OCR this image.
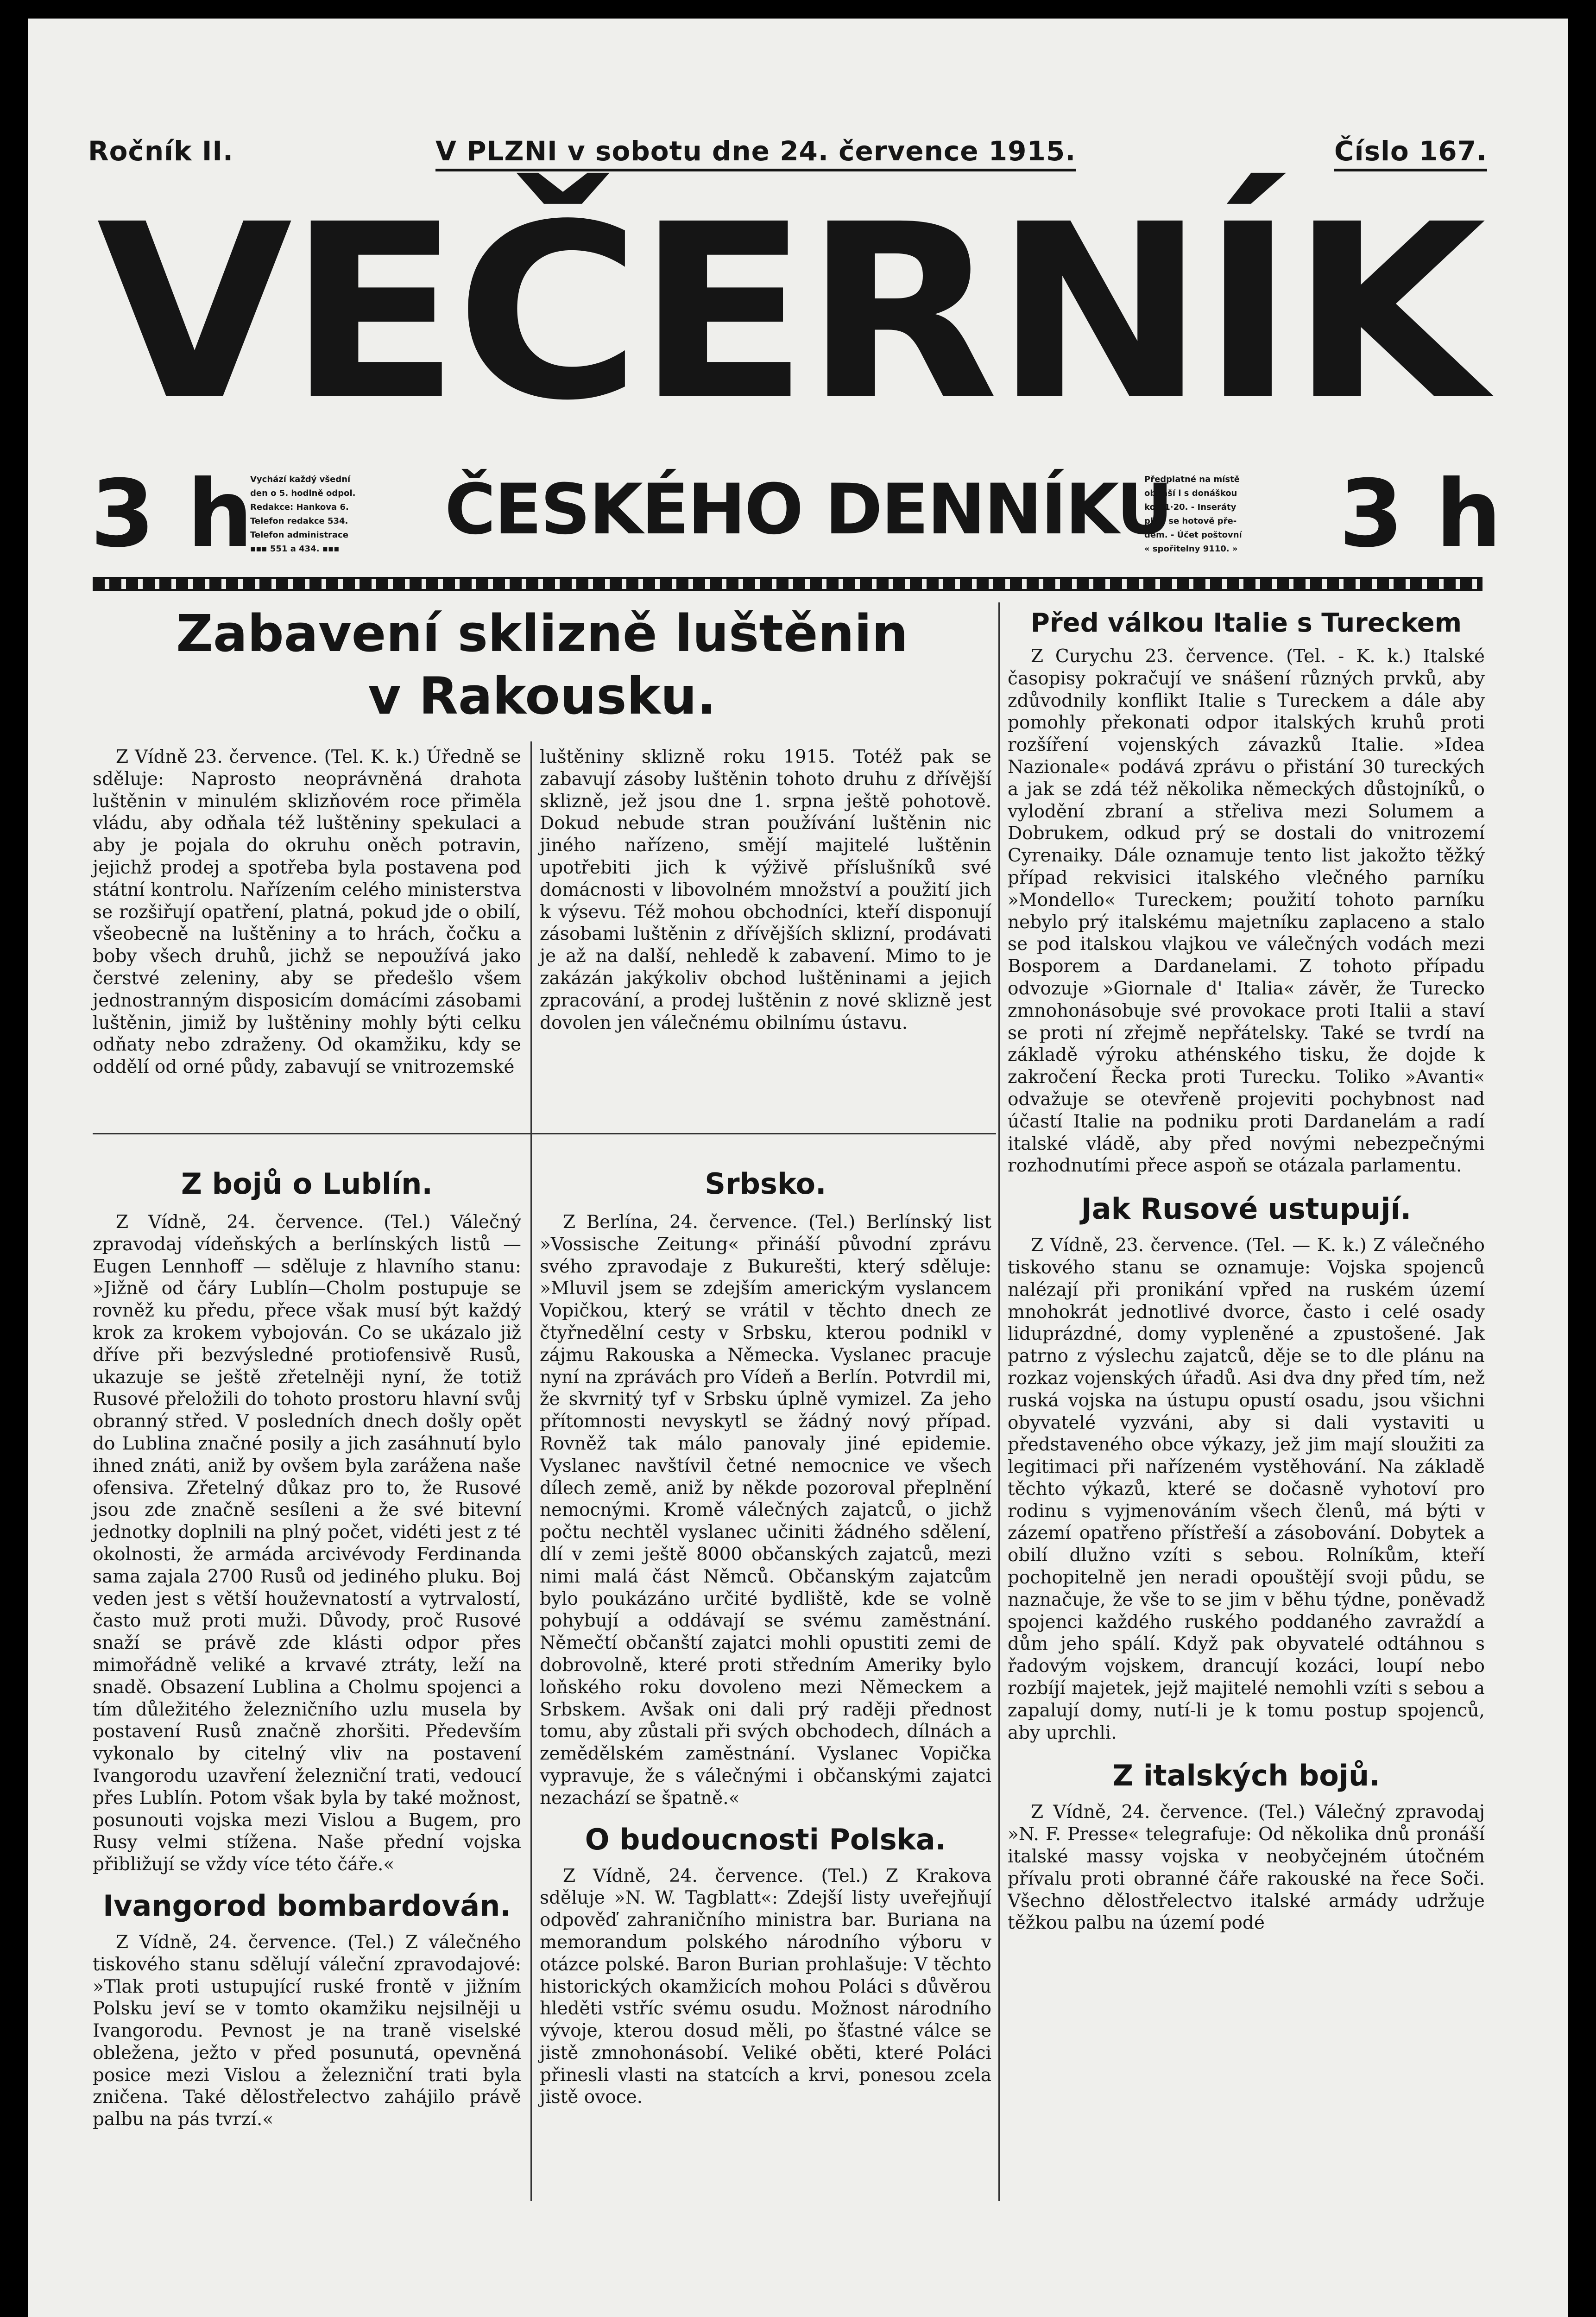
Ročník II.	V PLZNI v sobotu dne 24. července 1915.	Číslo 167.
VEČERNÍK
3 h
Vychází každý všední
den o 5. hodině odpol.
Redakce: Hankova 6.
Telefon redakce 534.
Telefon administrace
▪▪▪ 551 a 434. ▪▪▪	ČESKÉHO DENNÍKU
Předplatné na místě
obnáší i s donáškou
kor. 1·20. - Inseráty
platí se hotově pře-
dem. - Účet poštovní
« spořitelny 9110. »	3 h
Zabavení sklizně luštěnin
v Rakousku.

Z Vídně 23. července. (Tel. K. k.) Úředně se sděluje: Naprosto neoprávněná drahota luštěnin v minulém sklizňovém roce přiměla vládu, aby odňala též luštěniny spekulaci a aby je pojala do okruhu oněch potravin, jejichž prodej a spotřeba byla postavena pod státní kontrolu. Nařízením celého ministerstva se rozšiřují opatření, platná, pokud jde o obilí, všeobecně na luštěniny a to hrách, čočku a boby všech druhů, jichž se nepoužívá jako čerstvé zeleniny, aby se předešlo všem jednostranným disposicím domácími zásobami luštěnin, jimiž by luštěniny mohly býti celku odňaty nebo zdraženy. Od okamžiku, kdy se oddělí od orné půdy, zabavují se vnitrozemské

luštěniny sklizně roku 1915. Totéž pak se zabavují zásoby luštěnin tohoto druhu z dřívější sklizně, jež jsou dne 1. srpna ještě pohotově. Dokud nebude stran používání luštěnin nic jiného nařízeno, smějí majitelé luštěnin upotřebiti jich k výživě příslušníků své domácnosti v libovolném množství a použití jich k výsevu. Též mohou obchodníci, kteří disponují zásobami luštěnin z dřívějších sklizní, prodávati je až na další, nehledě k zabavení. Mimo to je zakázán jakýkoliv obchod luštěninami a jejich zpracování, a prodej luštěnin z nové sklizně jest dovolen jen válečnému obilnímu ústavu.

Z bojů o Lublín.

Z Vídně, 24. července. (Tel.) Válečný zpravodaj vídeňských a berlínských listů — Eugen Lennhoff — sděluje z hlavního stanu: »Jižně od čáry Lublín—Cholm postupuje se rovněž ku předu, přece však musí být každý krok za krokem vybojován. Co se ukázalo již dříve při bezvýsledné protiofensivě Rusů, ukazuje se ještě zřetelněji nyní, že totiž Rusové přeložili do tohoto prostoru hlavní svůj obranný střed. V posledních dnech došly opět do Lublina značné posily a jich zasáhnutí bylo ihned znáti, aniž by ovšem byla zarážena naše ofensiva. Zřetelný důkaz pro to, že Rusové jsou zde značně sesíleni a že své bitevní jednotky doplnili na plný počet, vidéti jest z té okolnosti, že armáda arcivévody Ferdinanda sama zajala 2700 Rusů od jediného pluku. Boj veden jest s větší houževnatostí a vytrvalostí, často muž proti muži. Důvody, proč Rusové snaží se právě zde klásti odpor přes mimořádně veliké a krvavé ztráty, leží na snadě. Obsazení Lublina a Cholmu spojenci a tím důležitého železničního uzlu musela by postavení Rusů značně zhoršiti. Především vykonalo by citelný vliv na postavení Ivangorodu uzavření železniční trati, vedoucí přes Lublín. Potom však byla by také možnost, posunouti vojska mezi Vislou a Bugem, pro Rusy velmi stížena. Naše přední vojska přibližují se vždy více této čáře.«

Ivangorod bombardován.

Z Vídně, 24. července. (Tel.) Z válečného tiskového stanu sdělují váleční zpravodajové: »Tlak proti ustupující ruské frontě v jižním Polsku jeví se v tomto okamžiku nejsilněji u Ivangorodu. Pevnost je na traně viselské obležena, ježto v před posunutá, opevněná posice mezi Vislou a železniční trati byla zničena. Také dělostřelectvo zahájilo právě palbu na pás tvrzí.«

Srbsko.

Z Berlína, 24. července. (Tel.) Berlínský list »Vossische Zeitung« přináší původní zprávu svého zpravodaje z Bukurešti, který sděluje: »Mluvil jsem se zdejším americkým vyslancem Vopičkou, který se vrátil v těchto dnech ze čtyřnedělní cesty v Srbsku, kterou podnikl v zájmu Rakouska a Německa. Vyslanec pracuje nyní na zprávách pro Vídeň a Berlín. Potvrdil mi, že skvrnitý tyf v Srbsku úplně vymizel. Za jeho přítomnosti nevyskytl se žádný nový případ. Rovněž tak málo panovaly jiné epidemie. Vyslanec navštívil četné nemocnice ve všech dílech země, aniž by někde pozoroval přeplnění nemocnými. Kromě válečných zajatců, o jichž počtu nechtěl vyslanec učiniti žádného sdělení, dlí v zemi ještě 8000 občanských zajatců, mezi nimi malá část Němců. Občanským zajatcům bylo poukázáno určité bydliště, kde se volně pohybují a oddávají se svému zaměstnání. Němečtí občanští zajatci mohli opustiti zemi de dobrovolně, které proti středním Ameriky bylo loňského roku dovoleno mezi Německem a Srbskem. Avšak oni dali prý raději přednost tomu, aby zůstali při svých obchodech, dílnách a zemědělském zaměstnání. Vyslanec Vopička vypravuje, že s válečnými i občanskými zajatci nezachází se špatně.«

O budoucnosti Polska.

Z Vídně, 24. července. (Tel.) Z Krakova sděluje »N. W. Tagblatt«: Zdejší listy uveřejňují odpověď zahraničního ministra bar. Buriana na memorandum polského národního výboru v otázce polské. Baron Burian prohlašuje: V těchto historických okamžicích mohou Poláci s důvěrou hleděti vstříc svému osudu. Možnost národního vývoje, kterou dosud měli, po šťastné válce se jistě zmnohonásobí. Veliké oběti, které Poláci přinesli vlasti na statcích a krvi, ponesou zcela jistě ovoce.

Před válkou Italie s Tureckem

Z Curychu 23. července. (Tel. - K. k.) Italské časopisy pokračují ve snášení různých prvků, aby zdůvodnily konflikt Italie s Tureckem a dále aby pomohly překonati odpor italských kruhů proti rozšíření vojenských závazků Italie. »Idea Nazionale« podává zprávu o přistání 30 tureckých a jak se zdá též několika německých důstojníků, o vylodění zbraní a střeliva mezi Solumem a Dobrukem, odkud prý se dostali do vnitrozemí Cyrenaiky. Dále oznamuje tento list jakožto těžký případ rekvisici italského vlečného parníku »Mondello« Tureckem; použití tohoto parníku nebylo prý italskému majetníku zaplaceno a stalo se pod italskou vlajkou ve válečných vodách mezi Bosporem a Dardanelami. Z tohoto případu odvozuje »Giornale d' Italia« závěr, že Turecko zmnohonásobuje své provokace proti Italii a staví se proti ní zřejmě nepřátelsky. Také se tvrdí na základě výroku athénského tisku, že dojde k zakročení Řecka proti Turecku. Toliko »Avanti« odvažuje se otevřeně projeviti pochybnost nad účastí Italie na podniku proti Dardanelám a radí italské vládě, aby před novými nebezpečnými rozhodnutími přece aspoň se otázala parlamentu.

Jak Rusové ustupují.

Z Vídně, 23. července. (Tel. — K. k.) Z válečného tiskového stanu se oznamuje: Vojska spojenců nalézají při pronikání vpřed na ruském území mnohokrát jednotlivé dvorce, často i celé osady liduprázdné, domy vypleněné a zpustošené. Jak patrno z výslechu zajatců, děje se to dle plánu na rozkaz vojenských úřadů. Asi dva dny před tím, než ruská vojska na ústupu opustí osadu, jsou všichni obyvatelé vyzváni, aby si dali vystaviti u představeného obce výkazy, jež jim mají sloužiti za legitimaci při nařízeném vystěhování. Na základě těchto výkazů, které se dočasně vyhotoví pro rodinu s vyjmenováním všech členů, má býti v zázemí opatřeno přístřeší a zásobování. Dobytek a obilí dlužno vzíti s sebou. Rolníkům, kteří pochopitelně jen neradi opouštějí svoji půdu, se naznačuje, že vše to se jim v běhu týdne, poněvadž spojenci každého ruského poddaného zavraždí a dům jeho spálí. Když pak obyvatelé odtáhnou s řadovým vojskem, drancují kozáci, loupí nebo rozbíjí majetek, jejž majitelé nemohli vzíti s sebou a zapalují domy, nutí-li je k tomu postup spojenců, aby uprchli.

Z italských bojů.

Z Vídně, 24. července. (Tel.) Válečný zpravodaj »N. F. Presse« telegrafuje: Od několika dnů pronáší italské massy vojska v neobyčejném útočném přívalu proti obranné čáře rakouské na řece Soči. Všechno dělostřelectvo italské armády udržuje těžkou palbu na území podé
